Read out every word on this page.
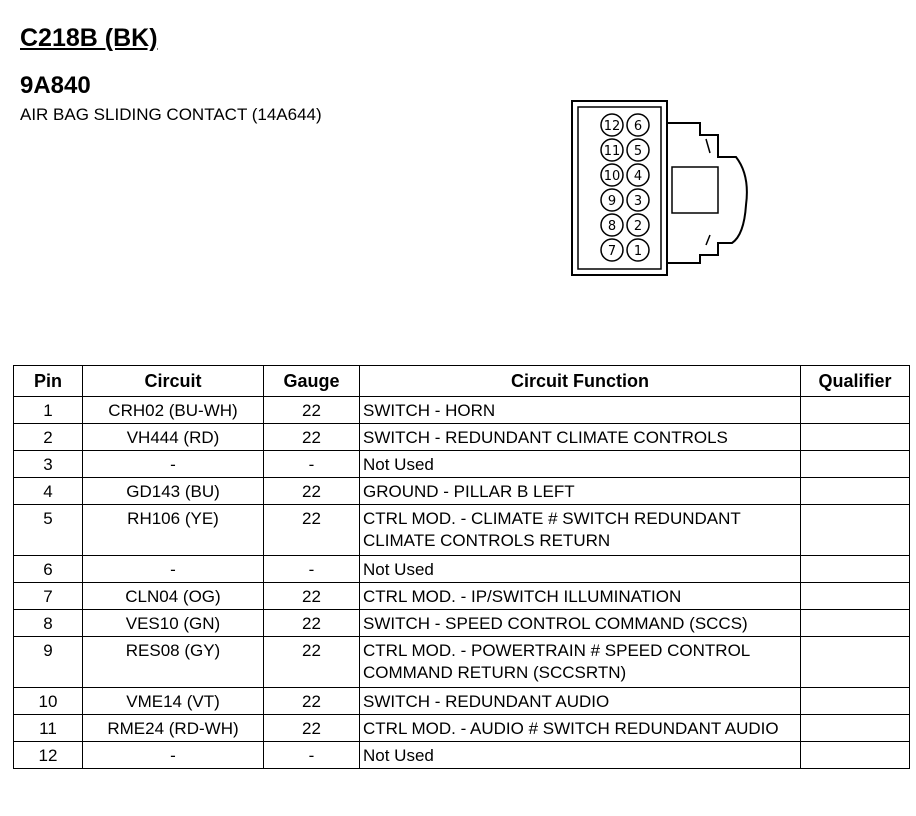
C218B (BK)
9A840
AIR BAG SLIDING CONTACT (14A644)
12 6
11 5
10 4
9 3
8 2
7 1
Pin	Circuit	Gauge	Circuit Function	Qualifier
1	CRH02 (BU-WH)	22	SWITCH - HORN	
2	VH444 (RD)	22	SWITCH - REDUNDANT CLIMATE CONTROLS	
3	-	-	Not Used	
4	GD143 (BU)	22	GROUND - PILLAR B LEFT	
5	RH106 (YE)	22	CTRL MOD. - CLIMATE # SWITCH REDUNDANT CLIMATE CONTROLS RETURN	
6	-	-	Not Used	
7	CLN04 (OG)	22	CTRL MOD. - IP/SWITCH ILLUMINATION	
8	VES10 (GN)	22	SWITCH - SPEED CONTROL COMMAND (SCCS)	
9	RES08 (GY)	22	CTRL MOD. - POWERTRAIN # SPEED CONTROL COMMAND RETURN (SCCSRTN)	
10	VME14 (VT)	22	SWITCH - REDUNDANT AUDIO	
11	RME24 (RD-WH)	22	CTRL MOD. - AUDIO # SWITCH REDUNDANT AUDIO	
12	-	-	Not Used	
